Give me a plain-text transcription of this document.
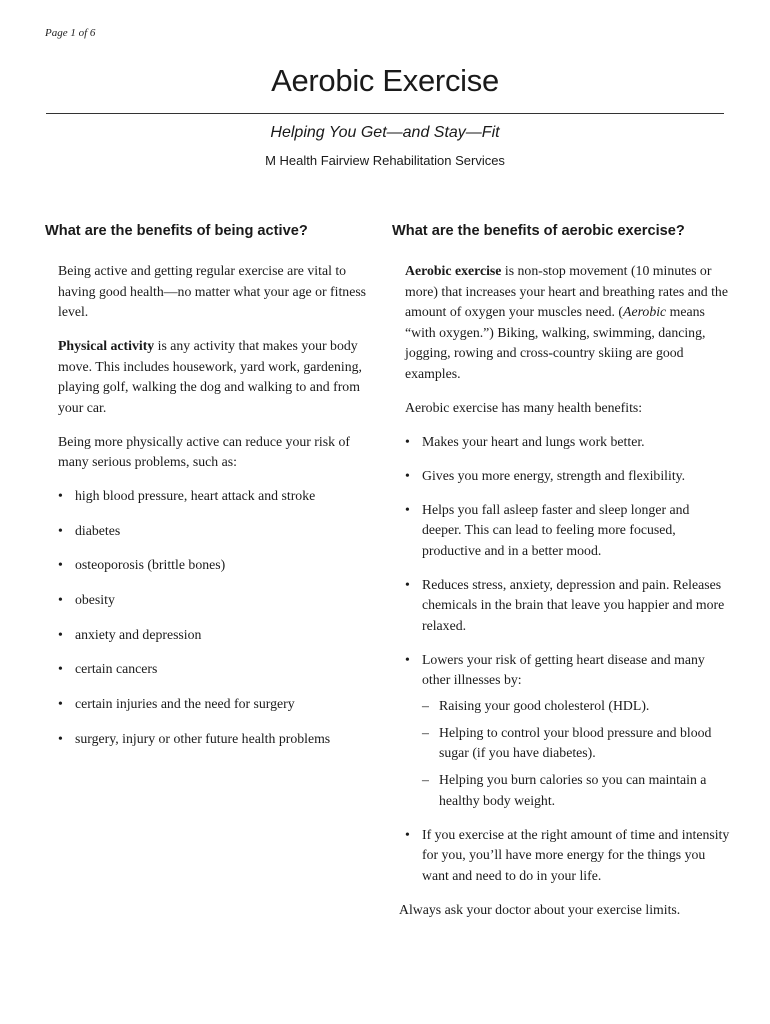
Page 1 of 6
Aerobic Exercise
Helping You Get—and Stay—Fit
M Health Fairview Rehabilitation Services
What are the benefits of being active?

Being active and getting regular exercise are vital to having good health—no matter what your age or fitness level.

Physical activity is any activity that makes your body move. This includes housework, yard work, gardening, playing golf, walking the dog and walking to and from your car.

Being more physically active can reduce your risk of many serious problems, such as:

• high blood pressure, heart attack and stroke
• diabetes
• osteoporosis (brittle bones)
• obesity
• anxiety and depression
• certain cancers
• certain injuries and the need for surgery
• surgery, injury or other future health problems
What are the benefits of aerobic exercise?

Aerobic exercise is non-stop movement (10 minutes or more) that increases your heart and breathing rates and the amount of oxygen your muscles need. (Aerobic means “with oxygen.”) Biking, walking, swimming, dancing, jogging, rowing and cross-country skiing are good examples.

Aerobic exercise has many health benefits:

• Makes your heart and lungs work better.
• Gives you more energy, strength and flexibility.
• Helps you fall asleep faster and sleep longer and deeper. This can lead to feeling more focused, productive and in a better mood.
• Reduces stress, anxiety, depression and pain. Releases chemicals in the brain that leave you happier and more relaxed.
• Lowers your risk of getting heart disease and many other illnesses by:
– Raising your good cholesterol (HDL).
– Helping to control your blood pressure and blood sugar (if you have diabetes).
– Helping you burn calories so you can maintain a healthy body weight.
• If you exercise at the right amount of time and intensity for you, you’ll have more energy for the things you want and need to do in your life.

Always ask your doctor about your exercise limits.
